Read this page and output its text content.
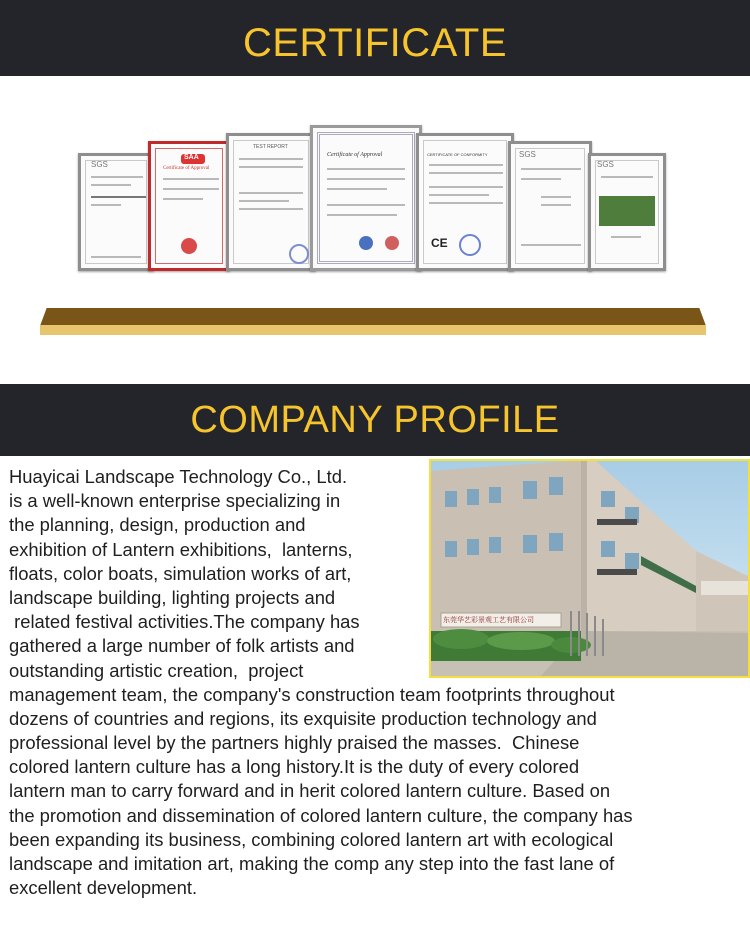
CERTIFICATE
SGS
SAA
Certificate of Approval
TEST REPORT
Certificate of Approval	CERTIFICATE OF CONFORMITY
CE
SGS
SGS
COMPANY PROFILE
东莞华艺彩景观工艺有限公司
Huayicai Landscape Technology Co., Ltd.
is a well-known enterprise specializing in
the planning, design, production and
exhibition of Lantern exhibitions,  lanterns,
floats, color boats, simulation works of art,
landscape building, lighting projects and
related festival activities.The company has
gathered a large number of folk artists and
outstanding artistic creation,  project
management team, the company's construction team footprints throughout
dozens of countries and regions, its exquisite production technology and
professional level by the partners highly praised the masses.  Chinese
colored lantern culture has a long history.It is the duty of every colored
lantern man to carry forward and in herit colored lantern culture. Based on
the promotion and dissemination of colored lantern culture, the company has
been expanding its business, combining colored lantern art with ecological
landscape and imitation art, making the comp any step into the fast lane of
excellent development.
